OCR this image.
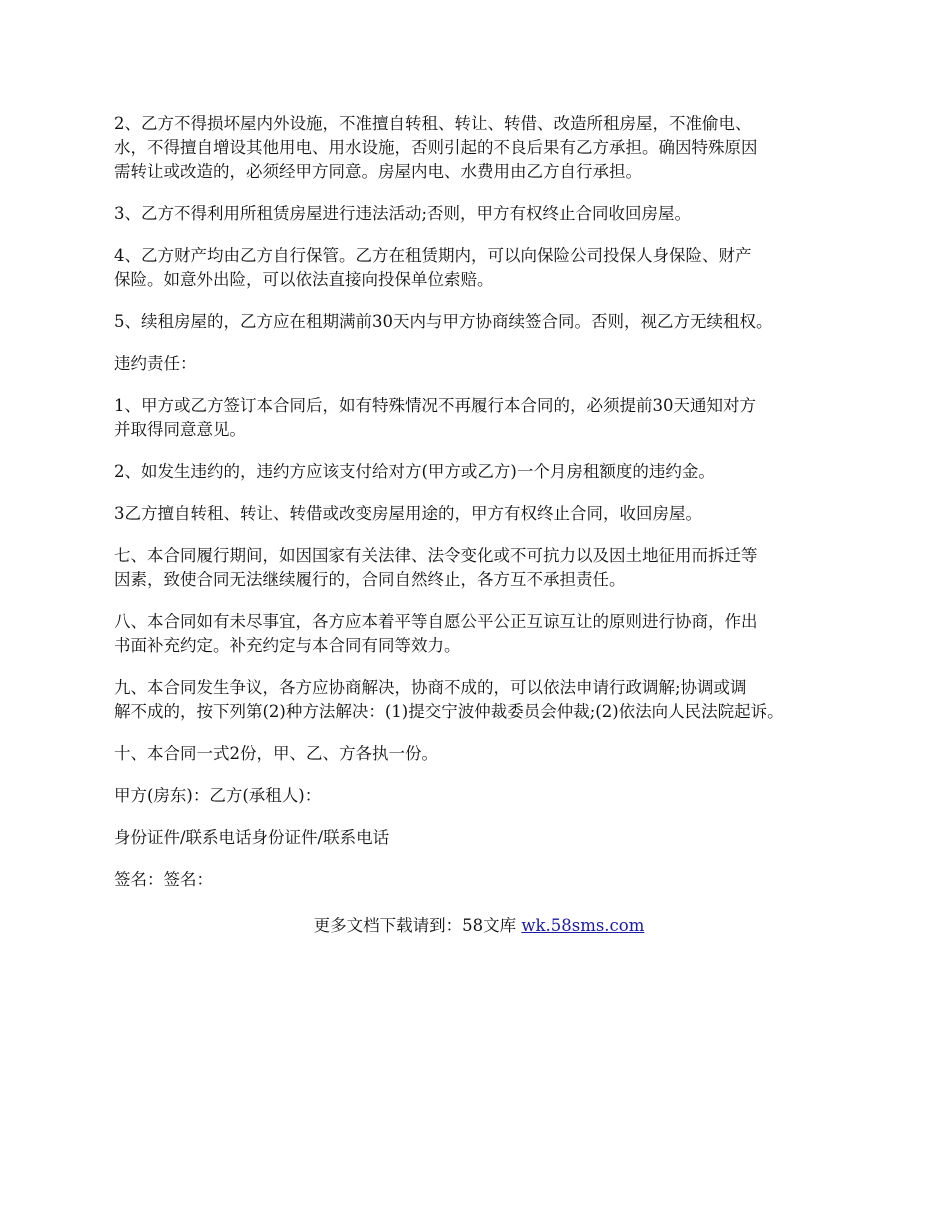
2、乙方不得损坏屋内外设施，不准擅自转租、转让、转借、改造所租房屋，不准偷电、
水，不得擅自增设其他用电、用水设施，否则引起的不良后果有乙方承担。确因特殊原因
需转让或改造的，必须经甲方同意。房屋内电、水费用由乙方自行承担。

3、乙方不得利用所租赁房屋进行违法活动;否则，甲方有权终止合同收回房屋。

4、乙方财产均由乙方自行保管。乙方在租赁期内，可以向保险公司投保人身保险、财产
保险。如意外出险，可以依法直接向投保单位索赔。

5、续租房屋的，乙方应在租期满前30天内与甲方协商续签合同。否则，视乙方无续租权。

违约责任：

1、甲方或乙方签订本合同后，如有特殊情况不再履行本合同的，必须提前30天通知对方
并取得同意意见。

2、如发生违约的，违约方应该支付给对方(甲方或乙方)一个月房租额度的违约金。

3乙方擅自转租、转让、转借或改变房屋用途的，甲方有权终止合同，收回房屋。

七、本合同履行期间，如因国家有关法律、法令变化或不可抗力以及因土地征用而拆迁等
因素，致使合同无法继续履行的，合同自然终止，各方互不承担责任。

八、本合同如有未尽事宜，各方应本着平等自愿公平公正互谅互让的原则进行协商，作出
书面补充约定。补充约定与本合同有同等效力。

九、本合同发生争议，各方应协商解决，协商不成的，可以依法申请行政调解;协调或调
解不成的，按下列第(2)种方法解决：(1)提交宁波仲裁委员会仲裁;(2)依法向人民法院起诉。

十、本合同一式2份，甲、乙、方各执一份。

甲方(房东)：乙方(承租人)：

身份证件/联系电话身份证件/联系电话

签名：签名：

更多文档下载请到：58文库 wk.58sms.com
